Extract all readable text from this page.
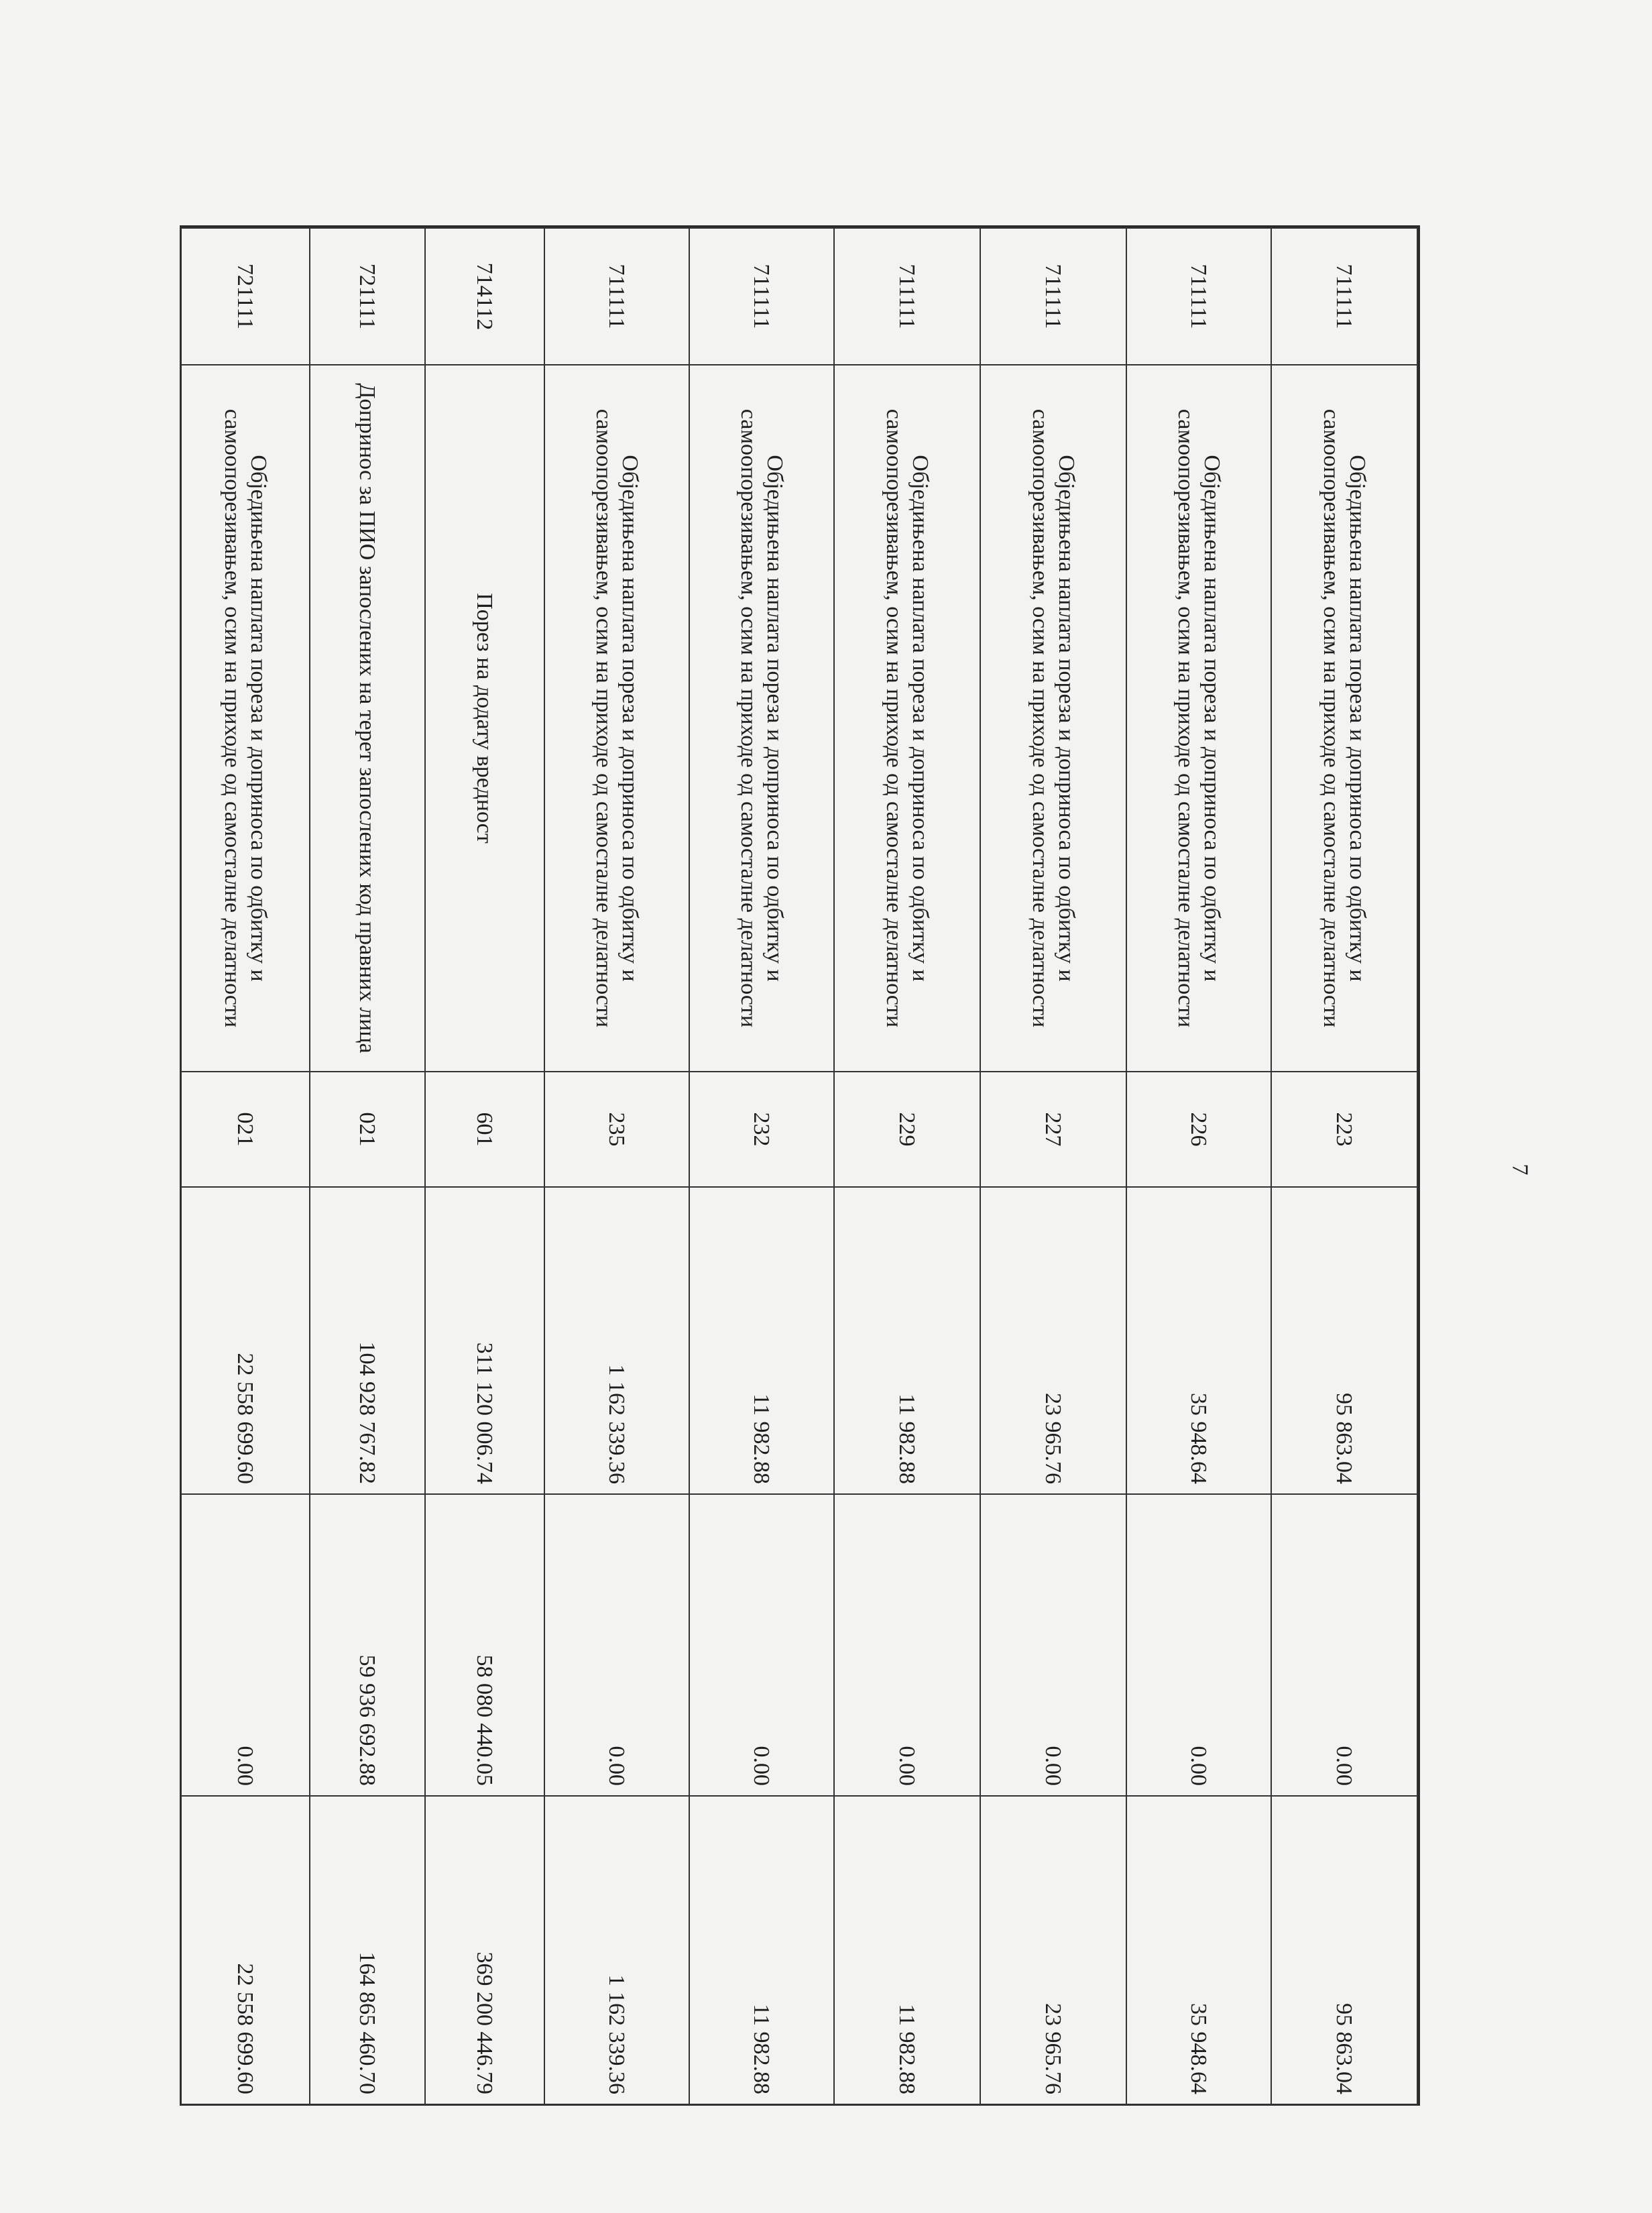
7
711111	Обједињена наплата пореза и доприноса по одбитку и самоопорезивањем, осим на приходе од самосталне делатности	223	95 863.04	0.00	95 863.04
711111	Обједињена наплата пореза и доприноса по одбитку и самоопорезивањем, осим на приходе од самосталне делатности	226	35 948.64	0.00	35 948.64
711111	Обједињена наплата пореза и доприноса по одбитку и самоопорезивањем, осим на приходе од самосталне делатности	227	23 965.76	0.00	23 965.76
711111	Обједињена наплата пореза и доприноса по одбитку и самоопорезивањем, осим на приходе од самосталне делатности	229	11 982.88	0.00	11 982.88
711111	Обједињена наплата пореза и доприноса по одбитку и самоопорезивањем, осим на приходе од самосталне делатности	232	11 982.88	0.00	11 982.88
711111	Обједињена наплата пореза и доприноса по одбитку и самоопорезивањем, осим на приходе од самосталне делатности	235	1 162 339.36	0.00	1 162 339.36
714112	Порез на додату вредност	601	311 120 006.74	58 080 440.05	369 200 446.79
721111	Допринос за ПИО запослених на терет запослених код правних лица	021	104 928 767.82	59 936 692.88	164 865 460.70
721111	Обједињена наплата пореза и доприноса по одбитку и самоопорезивањем, осим на приходе од самосталне делатности	021	22 558 699.60	0.00	22 558 699.60
